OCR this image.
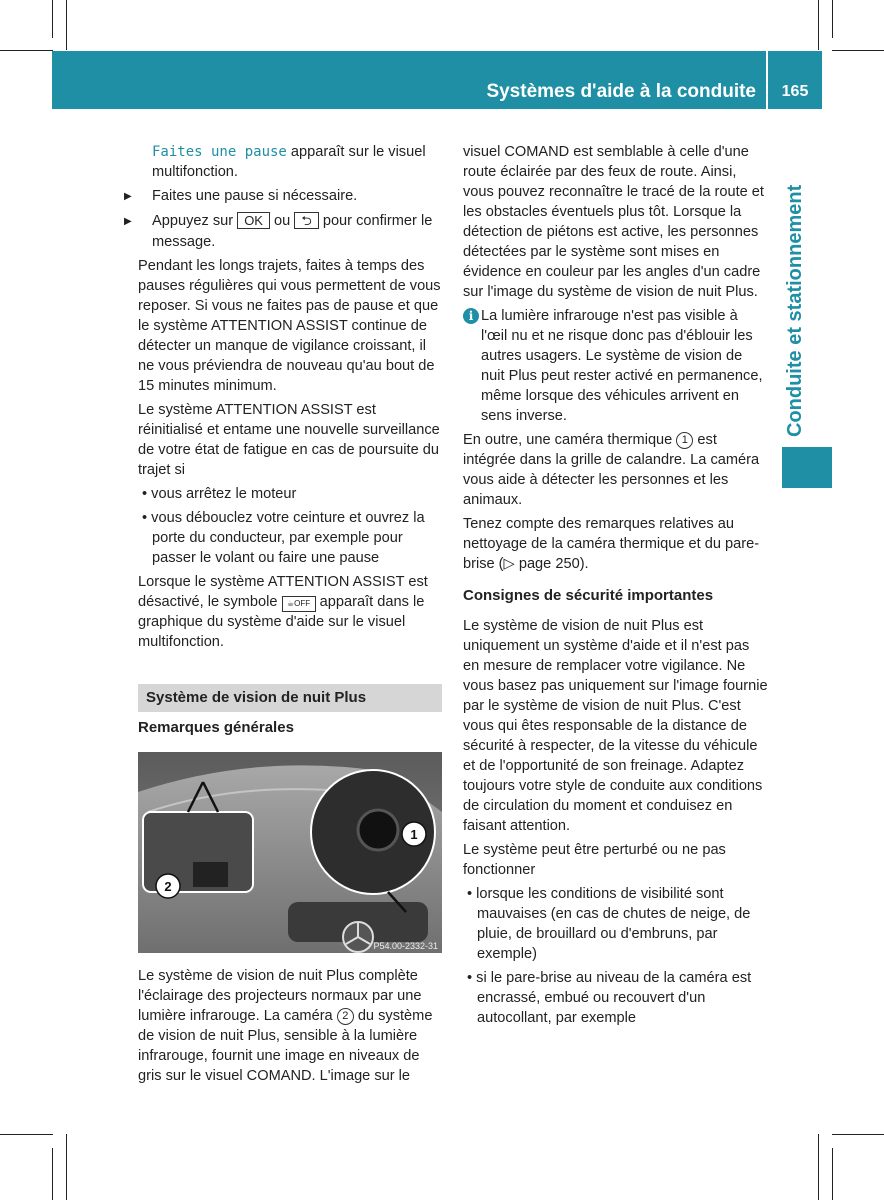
Systèmes d'aide à la conduite	165
Conduite et stationnement

Faites une pause apparaît sur le visuel multifonction.

▶ Faites une pause si nécessaire.
▶ Appuyez sur OK ou ⮌ pour confirmer le message.

Pendant les longs trajets, faites à temps des pauses régulières qui vous permettent de vous reposer. Si vous ne faites pas de pause et que le système ATTENTION ASSIST continue de détecter un manque de vigilance croissant, il ne vous préviendra de nouveau qu'au bout de 15 minutes minimum.

Le système ATTENTION ASSIST est réinitialisé et entame une nouvelle surveillance de votre état de fatigue en cas de poursuite du trajet si

• vous arrêtez le moteur
• vous débouclez votre ceinture et ouvrez la porte du conducteur, par exemple pour passer le volant ou faire une pause

Lorsque le système ATTENTION ASSIST est désactivé, le symbole ☕OFF apparaît dans le graphique du système d'aide sur le visuel multifonction.

Système de vision de nuit Plus
Remarques générales
1
2
P54.00-2332-31
Le système de vision de nuit Plus complète l'éclairage des projecteurs normaux par une lumière infrarouge. La caméra 2 du système de vision de nuit Plus, sensible à la lumière infrarouge, fournit une image en niveaux de gris sur le visuel COMAND. L'image sur le

visuel COMAND est semblable à celle d'une route éclairée par des feux de route. Ainsi, vous pouvez reconnaître le tracé de la route et les obstacles éventuels plus tôt. Lorsque la détection de piétons est active, les personnes détectées par le système sont mises en évidence en couleur par les angles d'un cadre sur l'image du système de vision de nuit Plus.

i La lumière infrarouge n'est pas visible à l'œil nu et ne risque donc pas d'éblouir les autres usagers. Le système de vision de nuit Plus peut rester activé en permanence, même lorsque des véhicules arrivent en sens inverse.

En outre, une caméra thermique 1 est intégrée dans la grille de calandre. La caméra vous aide à détecter les personnes et les animaux.

Tenez compte des remarques relatives au nettoyage de la caméra thermique et du pare-brise (▷ page 250).

Consignes de sécurité importantes

Le système de vision de nuit Plus est uniquement un système d'aide et il n'est pas en mesure de remplacer votre vigilance. Ne vous basez pas uniquement sur l'image fournie par le système de vision de nuit Plus. C'est vous qui êtes responsable de la distance de sécurité à respecter, de la vitesse du véhicule et de l'opportunité de son freinage. Adaptez toujours votre style de conduite aux conditions de circulation du moment et conduisez en faisant attention.

Le système peut être perturbé ou ne pas fonctionner

• lorsque les conditions de visibilité sont mauvaises (en cas de chutes de neige, de pluie, de brouillard ou d'embruns, par exemple)
• si le pare-brise au niveau de la caméra est encrassé, embué ou recouvert d'un autocollant, par exemple
